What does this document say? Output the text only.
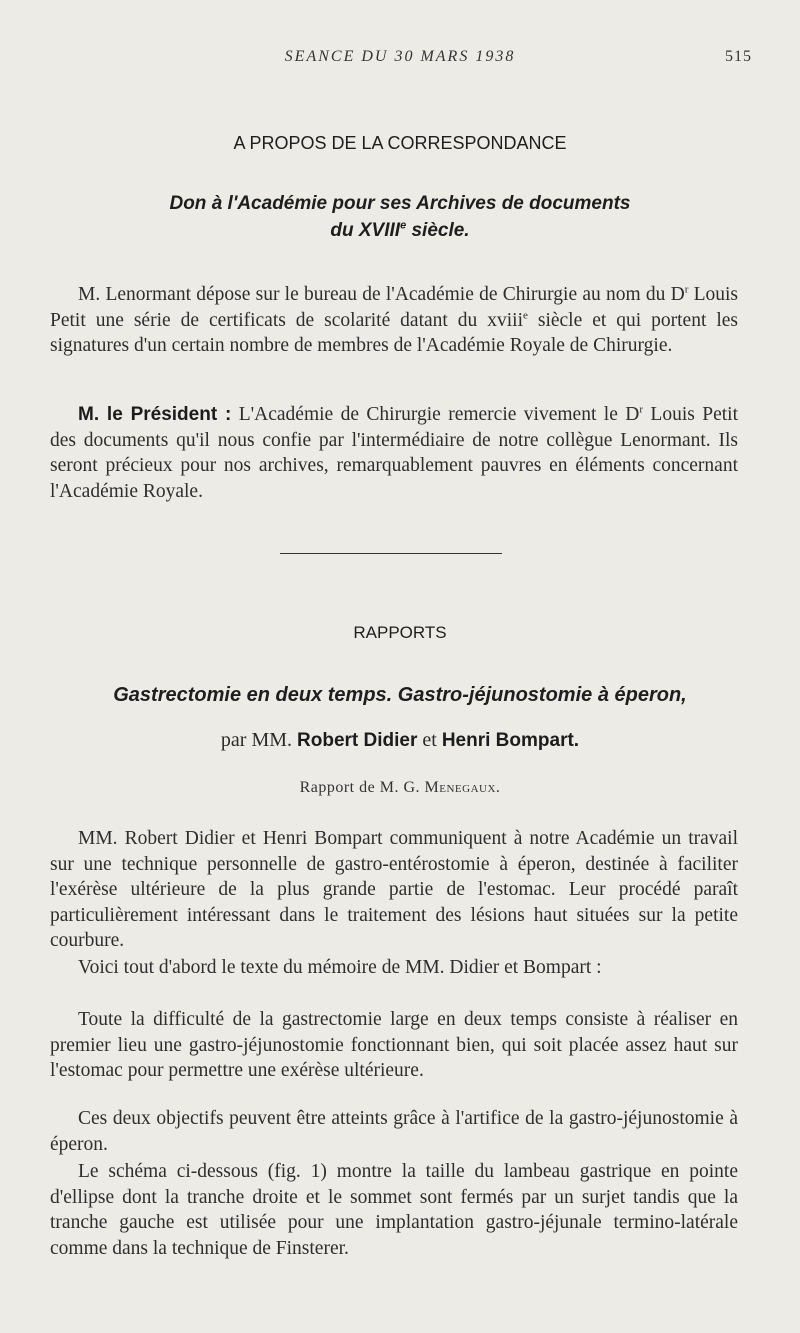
SEANCE DU 30 MARS 1938	515
A PROPOS DE LA CORRESPONDANCE
Don à l'Académie pour ses Archives de documents
du XVIIIe siècle.

M. Lenormant dépose sur le bureau de l'Académie de Chirurgie au nom du $D^r$ Louis Petit une série de certificats de scolarité datant du xviii$^e$ siècle et qui portent les signatures d'un certain nombre de membres de l'Académie Royale de Chirurgie.

M. le Président : L'Académie de Chirurgie remercie vivement le $D^r$ Louis Petit des documents qu'il nous confie par l'intermédiaire de notre collègue Lenormant. Ils seront précieux pour nos archives, remarquablement pauvres en éléments concernant l'Académie Royale.

RAPPORTS
Gastrectomie en deux temps. Gastro-jéjunostomie à éperon,
par MM. Robert Didier et Henri Bompart.
Rapport de M. G. Menegaux.

MM. Robert Didier et Henri Bompart communiquent à notre Académie un travail sur une technique personnelle de gastro-entérostomie à éperon, destinée à faciliter l'exérèse ultérieure de la plus grande partie de l'estomac. Leur procédé paraît particulièrement intéressant dans le traitement des lésions haut situées sur la petite courbure.

Voici tout d'abord le texte du mémoire de MM. Didier et Bompart :

Toute la difficulté de la gastrectomie large en deux temps consiste à réaliser en premier lieu une gastro-jéjunostomie fonctionnant bien, qui soit placée assez haut sur l'estomac pour permettre une exérèse ultérieure.

Ces deux objectifs peuvent être atteints grâce à l'artifice de la gastro-jéjunostomie à éperon.

Le schéma ci-dessous (fig. 1) montre la taille du lambeau gastrique en pointe d'ellipse dont la tranche droite et le sommet sont fermés par un surjet tandis que la tranche gauche est utilisée pour une implantation gastro-jéjunale termino-latérale comme dans la technique de Finsterer.
